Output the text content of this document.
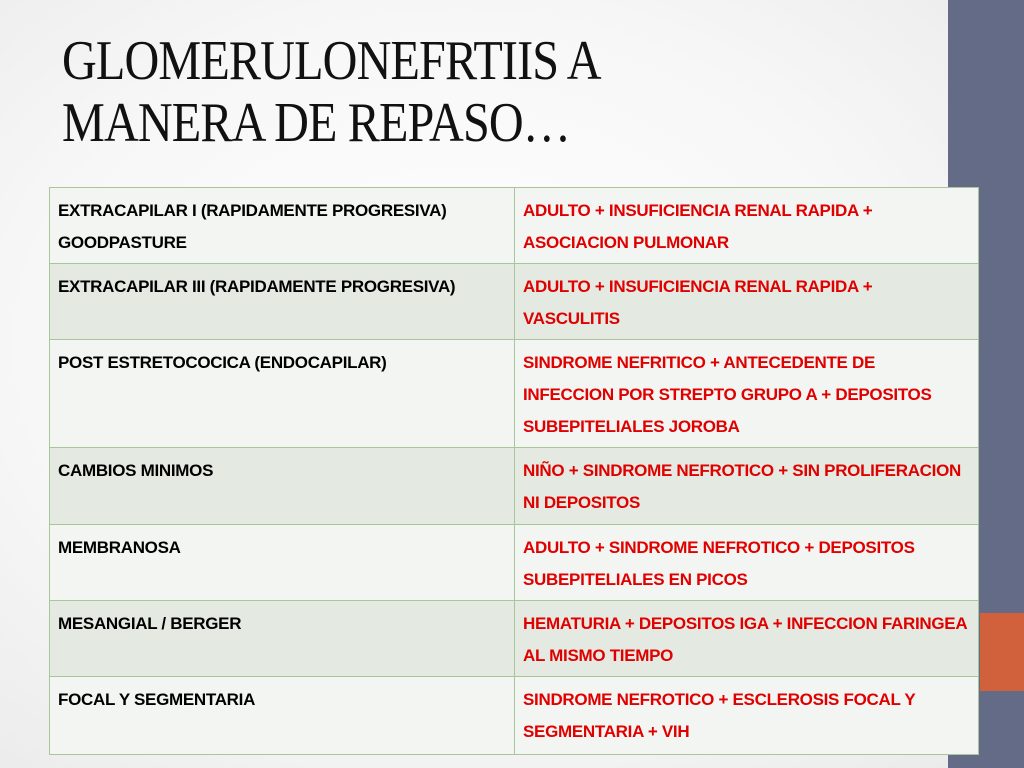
GLOMERULONEFRTIIS A
MANERA DE REPASO…
EXTRACAPILAR I (RAPIDAMENTE PROGRESIVA) GOODPASTURE	ADULTO + INSUFICIENCIA RENAL RAPIDA + ASOCIACION PULMONAR
EXTRACAPILAR III (RAPIDAMENTE PROGRESIVA)	ADULTO + INSUFICIENCIA RENAL RAPIDA + VASCULITIS
POST ESTRETOCOCICA (ENDOCAPILAR)	SINDROME NEFRITICO + ANTECEDENTE DE INFECCION POR STREPTO GRUPO A + DEPOSITOS SUBEPITELIALES JOROBA
CAMBIOS MINIMOS	NIÑO + SINDROME NEFROTICO + SIN PROLIFERACION NI DEPOSITOS
MEMBRANOSA	ADULTO + SINDROME NEFROTICO + DEPOSITOS SUBEPITELIALES EN PICOS
MESANGIAL / BERGER	HEMATURIA + DEPOSITOS IGA + INFECCION FARINGEA AL MISMO TIEMPO
FOCAL Y SEGMENTARIA	SINDROME NEFROTICO + ESCLEROSIS FOCAL Y SEGMENTARIA + VIH
